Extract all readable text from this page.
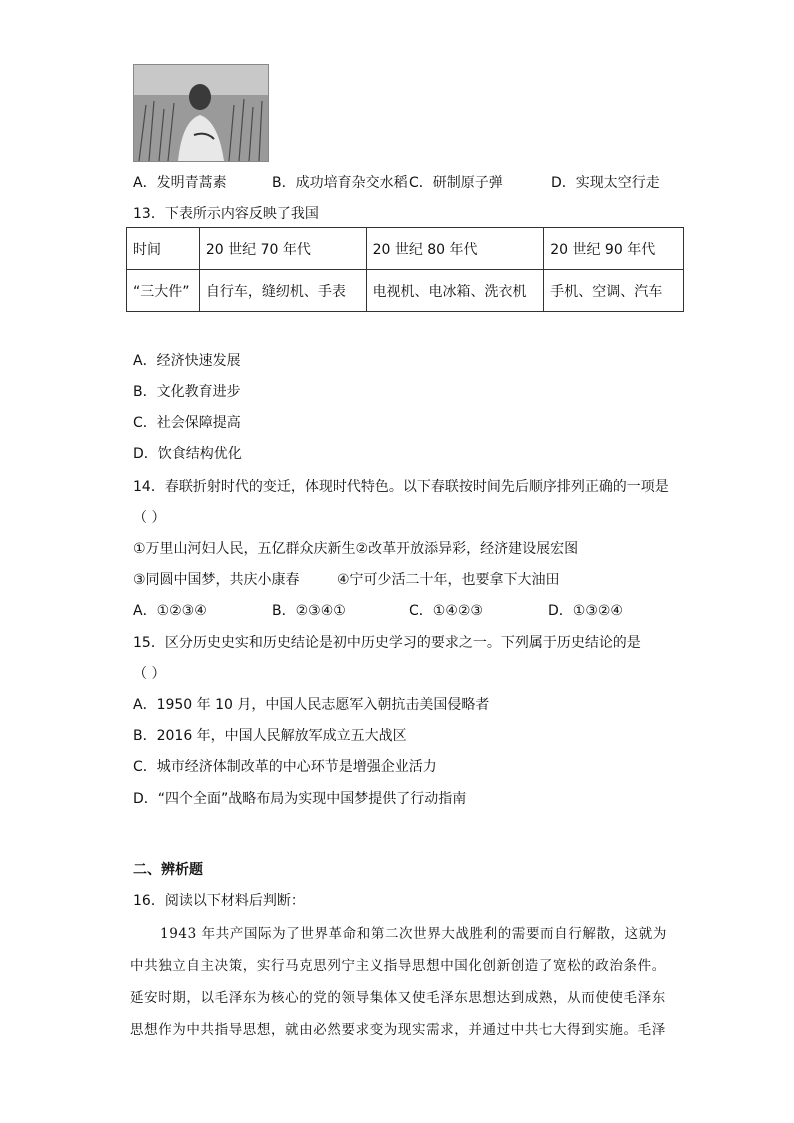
A．发明青蒿素	B．成功培育杂交水稻 C．研制原子弹	D．实现太空行走
13．下表所示内容反映了我国
时间	20 世纪 70 年代	20 世纪 80 年代	20 世纪 90 年代
“三大件”	自行车，缝纫机、手表	电视机、电冰箱、洗衣机	手机、空调、汽车
A．经济快速发展
B．文化教育进步
C．社会保障提高
D．饮食结构优化
14．春联折射时代的变迁，体现时代特色。以下春联按时间先后顺序排列正确的一项是
（ ）
①万里山河妇人民，五亿群众庆新生②改革开放添异彩，经济建设展宏图
③同圆中国梦，共庆小康春	④宁可少活二十年，也要拿下大油田
A．①②③④	B．②③④①	C．①④②③	D．①③②④
15．区分历史史实和历史结论是初中历史学习的要求之一。下列属于历史结论的是
（ ）
A．1950 年 10 月，中国人民志愿军入朝抗击美国侵略者
B．2016 年，中国人民解放军成立五大战区
C．城市经济体制改革的中心环节是增强企业活力
D．“四个全面”战略布局为实现中国梦提供了行动指南
二、辨析题
16．阅读以下材料后判断：
1943 年共产国际为了世界革命和第二次世界大战胜利的需要而自行解散，这就为
中共独立自主决策，实行马克思列宁主义指导思想中国化创新创造了宽松的政治条件。
延安时期，以毛泽东为核心的党的领导集体又使毛泽东思想达到成熟，从而使使毛泽东
思想作为中共指导思想，就由必然要求变为现实需求，并通过中共七大得到实施。毛泽
